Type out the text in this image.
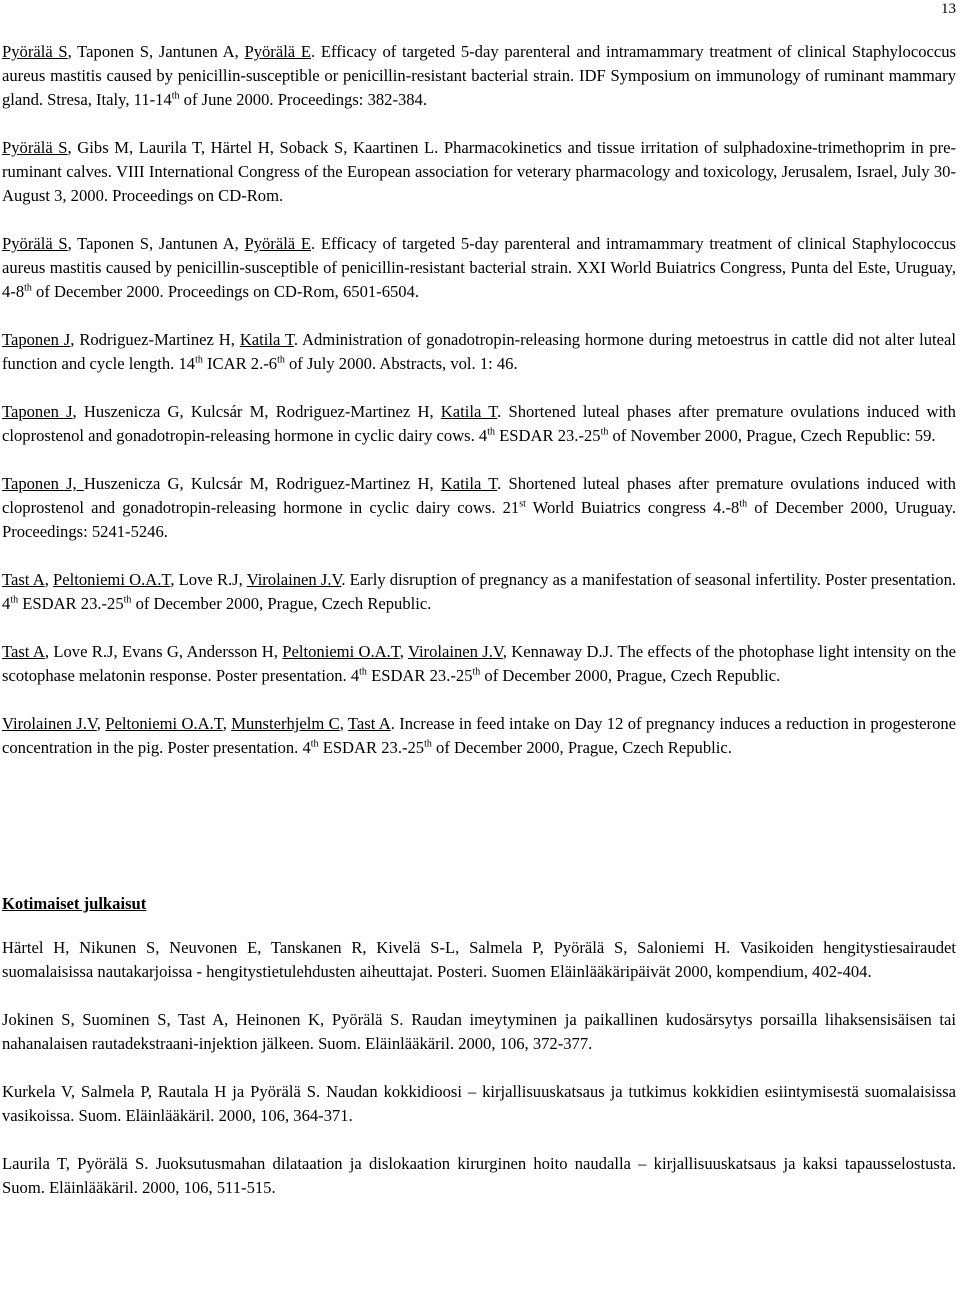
13

Pyörälä S, Taponen S, Jantunen A, Pyörälä E. Efficacy of targeted 5-day parenteral and intramammary treatment of clinical Staphylococcus aureus mastitis caused by penicillin-susceptible or penicillin-resistant bacterial strain. IDF Symposium on immunology of ruminant mammary gland. Stresa, Italy, 11-14th of June 2000. Proceedings: 382-384.

Pyörälä S, Gibs M, Laurila T, Härtel H, Soback S, Kaartinen L. Pharmacokinetics and tissue irritation of sulphadoxine-trimethoprim in pre-ruminant calves. VIII International Congress of the European association for veterary pharmacology and toxicology, Jerusalem, Israel, July 30-August 3, 2000. Proceedings on CD-Rom.

Pyörälä S, Taponen S, Jantunen A, Pyörälä E. Efficacy of targeted 5-day parenteral and intramammary treatment of clinical Staphylococcus aureus mastitis caused by penicillin-susceptible of penicillin-resistant bacterial strain. XXI World Buiatrics Congress, Punta del Este, Uruguay, 4-8th of December 2000. Proceedings on CD-Rom, 6501-6504.

Taponen J, Rodriguez-Martinez H, Katila T. Administration of gonadotropin-releasing hormone during metoestrus in cattle did not alter luteal function and cycle length. 14th ICAR 2.-6th of July 2000. Abstracts, vol. 1: 46.

Taponen J, Huszenicza G, Kulcsár M, Rodriguez-Martinez H, Katila T. Shortened luteal phases after premature ovulations induced with cloprostenol and gonadotropin-releasing hormone in cyclic dairy cows. 4th ESDAR 23.-25th of November 2000, Prague, Czech Republic: 59.

Taponen J, Huszenicza G, Kulcsár M, Rodriguez-Martinez H, Katila T. Shortened luteal phases after premature ovulations induced with cloprostenol and gonadotropin-releasing hormone in cyclic dairy cows. 21st World Buiatrics congress 4.-8th of December 2000, Uruguay. Proceedings: 5241-5246.

Tast A, Peltoniemi O.A.T, Love R.J, Virolainen J.V. Early disruption of pregnancy as a manifestation of seasonal infertility. Poster presentation. 4th ESDAR 23.-25th of December 2000, Prague, Czech Republic.

Tast A, Love R.J, Evans G, Andersson H, Peltoniemi O.A.T, Virolainen J.V, Kennaway D.J. The effects of the photophase light intensity on the scotophase melatonin response. Poster presentation. 4th ESDAR 23.-25th of December 2000, Prague, Czech Republic.

Virolainen J.V, Peltoniemi O.A.T, Munsterhjelm C, Tast A. Increase in feed intake on Day 12 of pregnancy induces a reduction in progesterone concentration in the pig. Poster presentation. 4th ESDAR 23.-25th of December 2000, Prague, Czech Republic.

Kotimaiset julkaisut

Härtel H, Nikunen S, Neuvonen E, Tanskanen R, Kivelä S-L, Salmela P, Pyörälä S, Saloniemi H. Vasikoiden hengitystiesairaudet suomalaisissa nautakarjoissa - hengitystietulehdusten aiheuttajat. Posteri. Suomen Eläinlääkäripäivät 2000, kompendium, 402-404.

Jokinen S, Suominen S, Tast A, Heinonen K, Pyörälä S. Raudan imeytyminen ja paikallinen kudosärsytys porsailla lihaksensisäisen tai nahanalaisen rautadekstraani-injektion jälkeen. Suom. Eläinlääkäril. 2000, 106, 372-377.

Kurkela V, Salmela P, Rautala H ja Pyörälä S. Naudan kokkidioosi – kirjallisuuskatsaus ja tutkimus kokkidien esiintymisestä suomalaisissa vasikoissa. Suom. Eläinlääkäril. 2000, 106, 364-371.

Laurila T, Pyörälä S. Juoksutusmahan dilataation ja dislokaation kirurginen hoito naudalla – kirjallisuuskatsaus ja kaksi tapausselostusta. Suom. Eläinlääkäril. 2000, 106, 511-515.
